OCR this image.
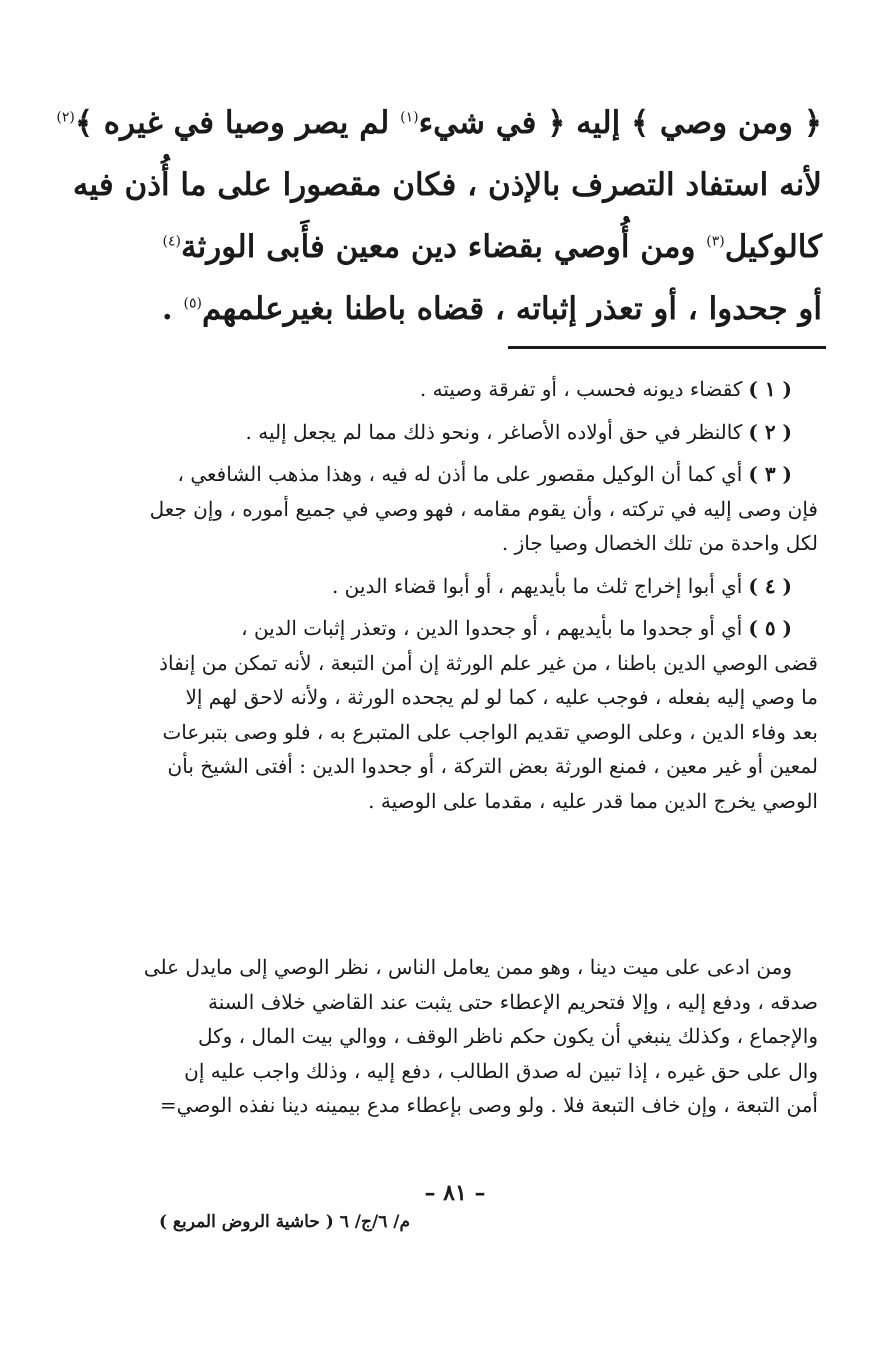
﴿ ومن وصي ﴾ إليه ﴿ في شيء$^{(١)}$ لم يصر وصيا في غيره ﴾$^{(٢)}$
لأنه استفاد التصرف بالإذن ، فكان مقصورا على ما أُذن فيه
كالوكيل$^{(٣)}$ ومن أُوصي بقضاء دين معين فأَبى الورثة$^{(٤)}$
أو جحدوا ، أو تعذر إثباته ، قضاه باطنا بغيرعلمهم$^{(٥)}$ .
( ١ )كقضاء ديونه فحسب ، أو تفرقة وصيته .
( ٢ )كالنظر في حق أولاده الأصاغر ، ونحو ذلك مما لم يجعل إليه .
( ٣ )أي كما أن الوكيل مقصور على ما أذن له فيه ، وهذا مذهب الشافعي ،
فإن وصى إليه في تركته ، وأن يقوم مقامه ، فهو وصي في جميع أموره ، وإن جعل
لكل واحدة من تلك الخصال وصيا جاز .
( ٤ )أي أبوا إخراج ثلث ما بأيديهم ، أو أبوا قضاء الدين .
( ٥ )أي أو جحدوا ما بأيديهم ، أو جحدوا الدين ، وتعذر إثبات الدين ،
قضى الوصي الدين باطنا ، من غير علم الورثة إن أمن التبعة ، لأنه تمكن من إنفاذ
ما وصي إليه بفعله ، فوجب عليه ، كما لو لم يجحده الورثة ، ولأنه لاحق لهم إلا
بعد وفاء الدين ، وعلى الوصي تقديم الواجب على المتبرع به ، فلو وصى بتبرعات
لمعين أو غير معين ، فمنع الورثة بعض التركة ، أو جحدوا الدين : أفتى الشيخ بأن
الوصي يخرج الدين مما قدر عليه ، مقدما على الوصية .
ومن ادعى على ميت دينا ، وهو ممن يعامل الناس ، نظر الوصي إلى مايدل على
صدقه ، ودفع إليه ، وإلا فتحريم الإعطاء حتى يثبت عند القاضي خلاف السنة
والإجماع ، وكذلك ينبغي أن يكون حكم ناظر الوقف ، ووالي بيت المال ، وكل
وال على حق غيره ، إذا تبين له صدق الطالب ، دفع إليه ، وذلك واجب عليه إن
أمن التبعة ، وإن خاف التبعة فلا . ولو وصى بإعطاء مدع بيمينه دينا نفذه الوصي=
– ٨١ –
م/ ٦/ج/ ٦ ( حاشية الروض المربع )
